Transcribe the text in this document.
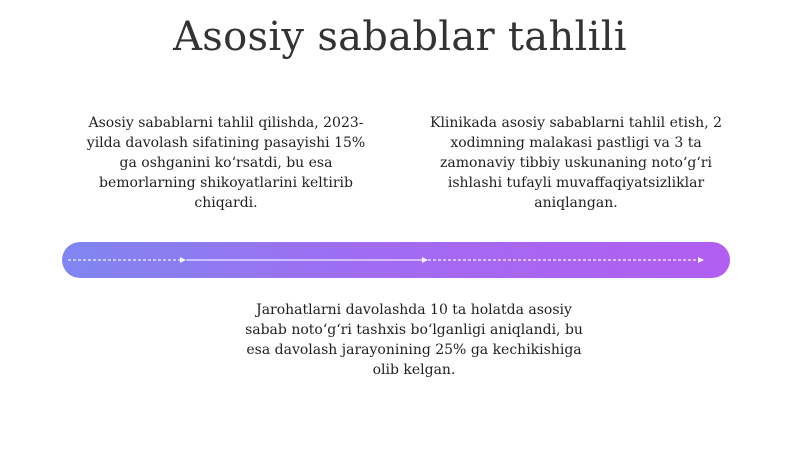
Asosiy sabablar tahlili

Asosiy sabablarni tahlil qilishda, 2023-yilda davolash sifatining pasayishi 15% ga oshganini koʻrsatdi, bu esa bemorlarning shikoyatlarini keltirib chiqardi.

Klinikada asosiy sabablarni tahlil etish, 2 xodimning malakasi pastligi va 3 ta zamonaviy tibbiy uskunaning notoʻgʻri ishlashi tufayli muvaffaqiyatsizliklar aniqlangan.

Jarohatlarni davolashda 10 ta holatda asosiy sabab notoʻgʻri tashxis boʻlganligi aniqlandi, bu esa davolash jarayonining 25% ga kechikishiga olib kelgan.
